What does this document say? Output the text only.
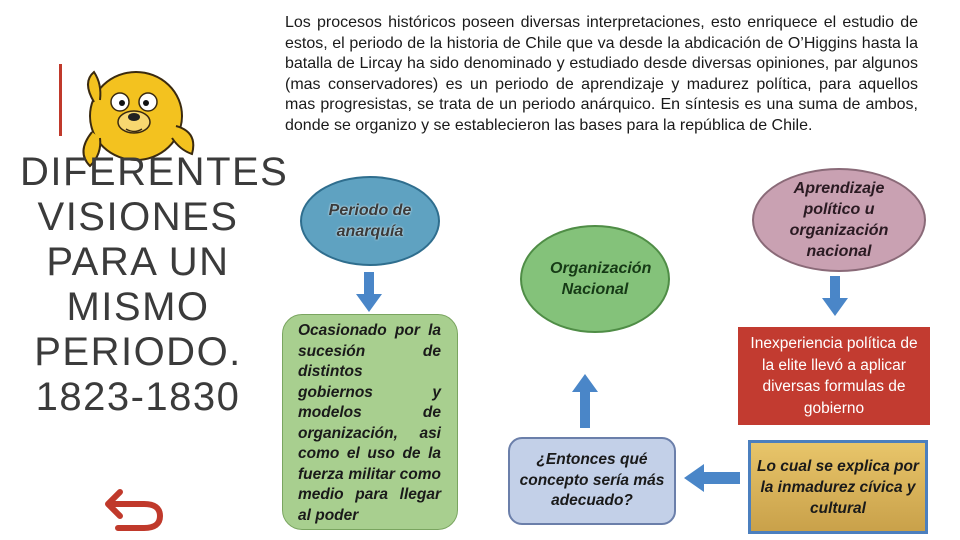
DIFERENTES VISIONES PARA UN MISMO PERIODO. 1823-1830

Los procesos históricos poseen diversas interpretaciones, esto enriquece el estudio de estos, el periodo de la historia de Chile que va desde la abdicación de O’Higgins hasta la batalla de Lircay ha sido denominado y estudiado desde diversas opiniones, par algunos (mas conservadores) es un periodo de aprendizaje y madurez política, para aquellos mas progresistas, se trata de un periodo anárquico. En síntesis es una suma de ambos, donde se organizo y se establecieron las bases para la república de Chile.

Periodo de anarquía
Organización Nacional
Aprendizaje político u organización nacional
Ocasionado por la sucesión de distintos gobiernos y modelos de organización, asi como el uso de la fuerza militar como medio para llegar al poder
¿Entonces qué concepto sería más adecuado?
Inexperiencia política de la elite llevó a aplicar diversas formulas de gobierno
Lo cual se explica por la inmadurez cívica y cultural
